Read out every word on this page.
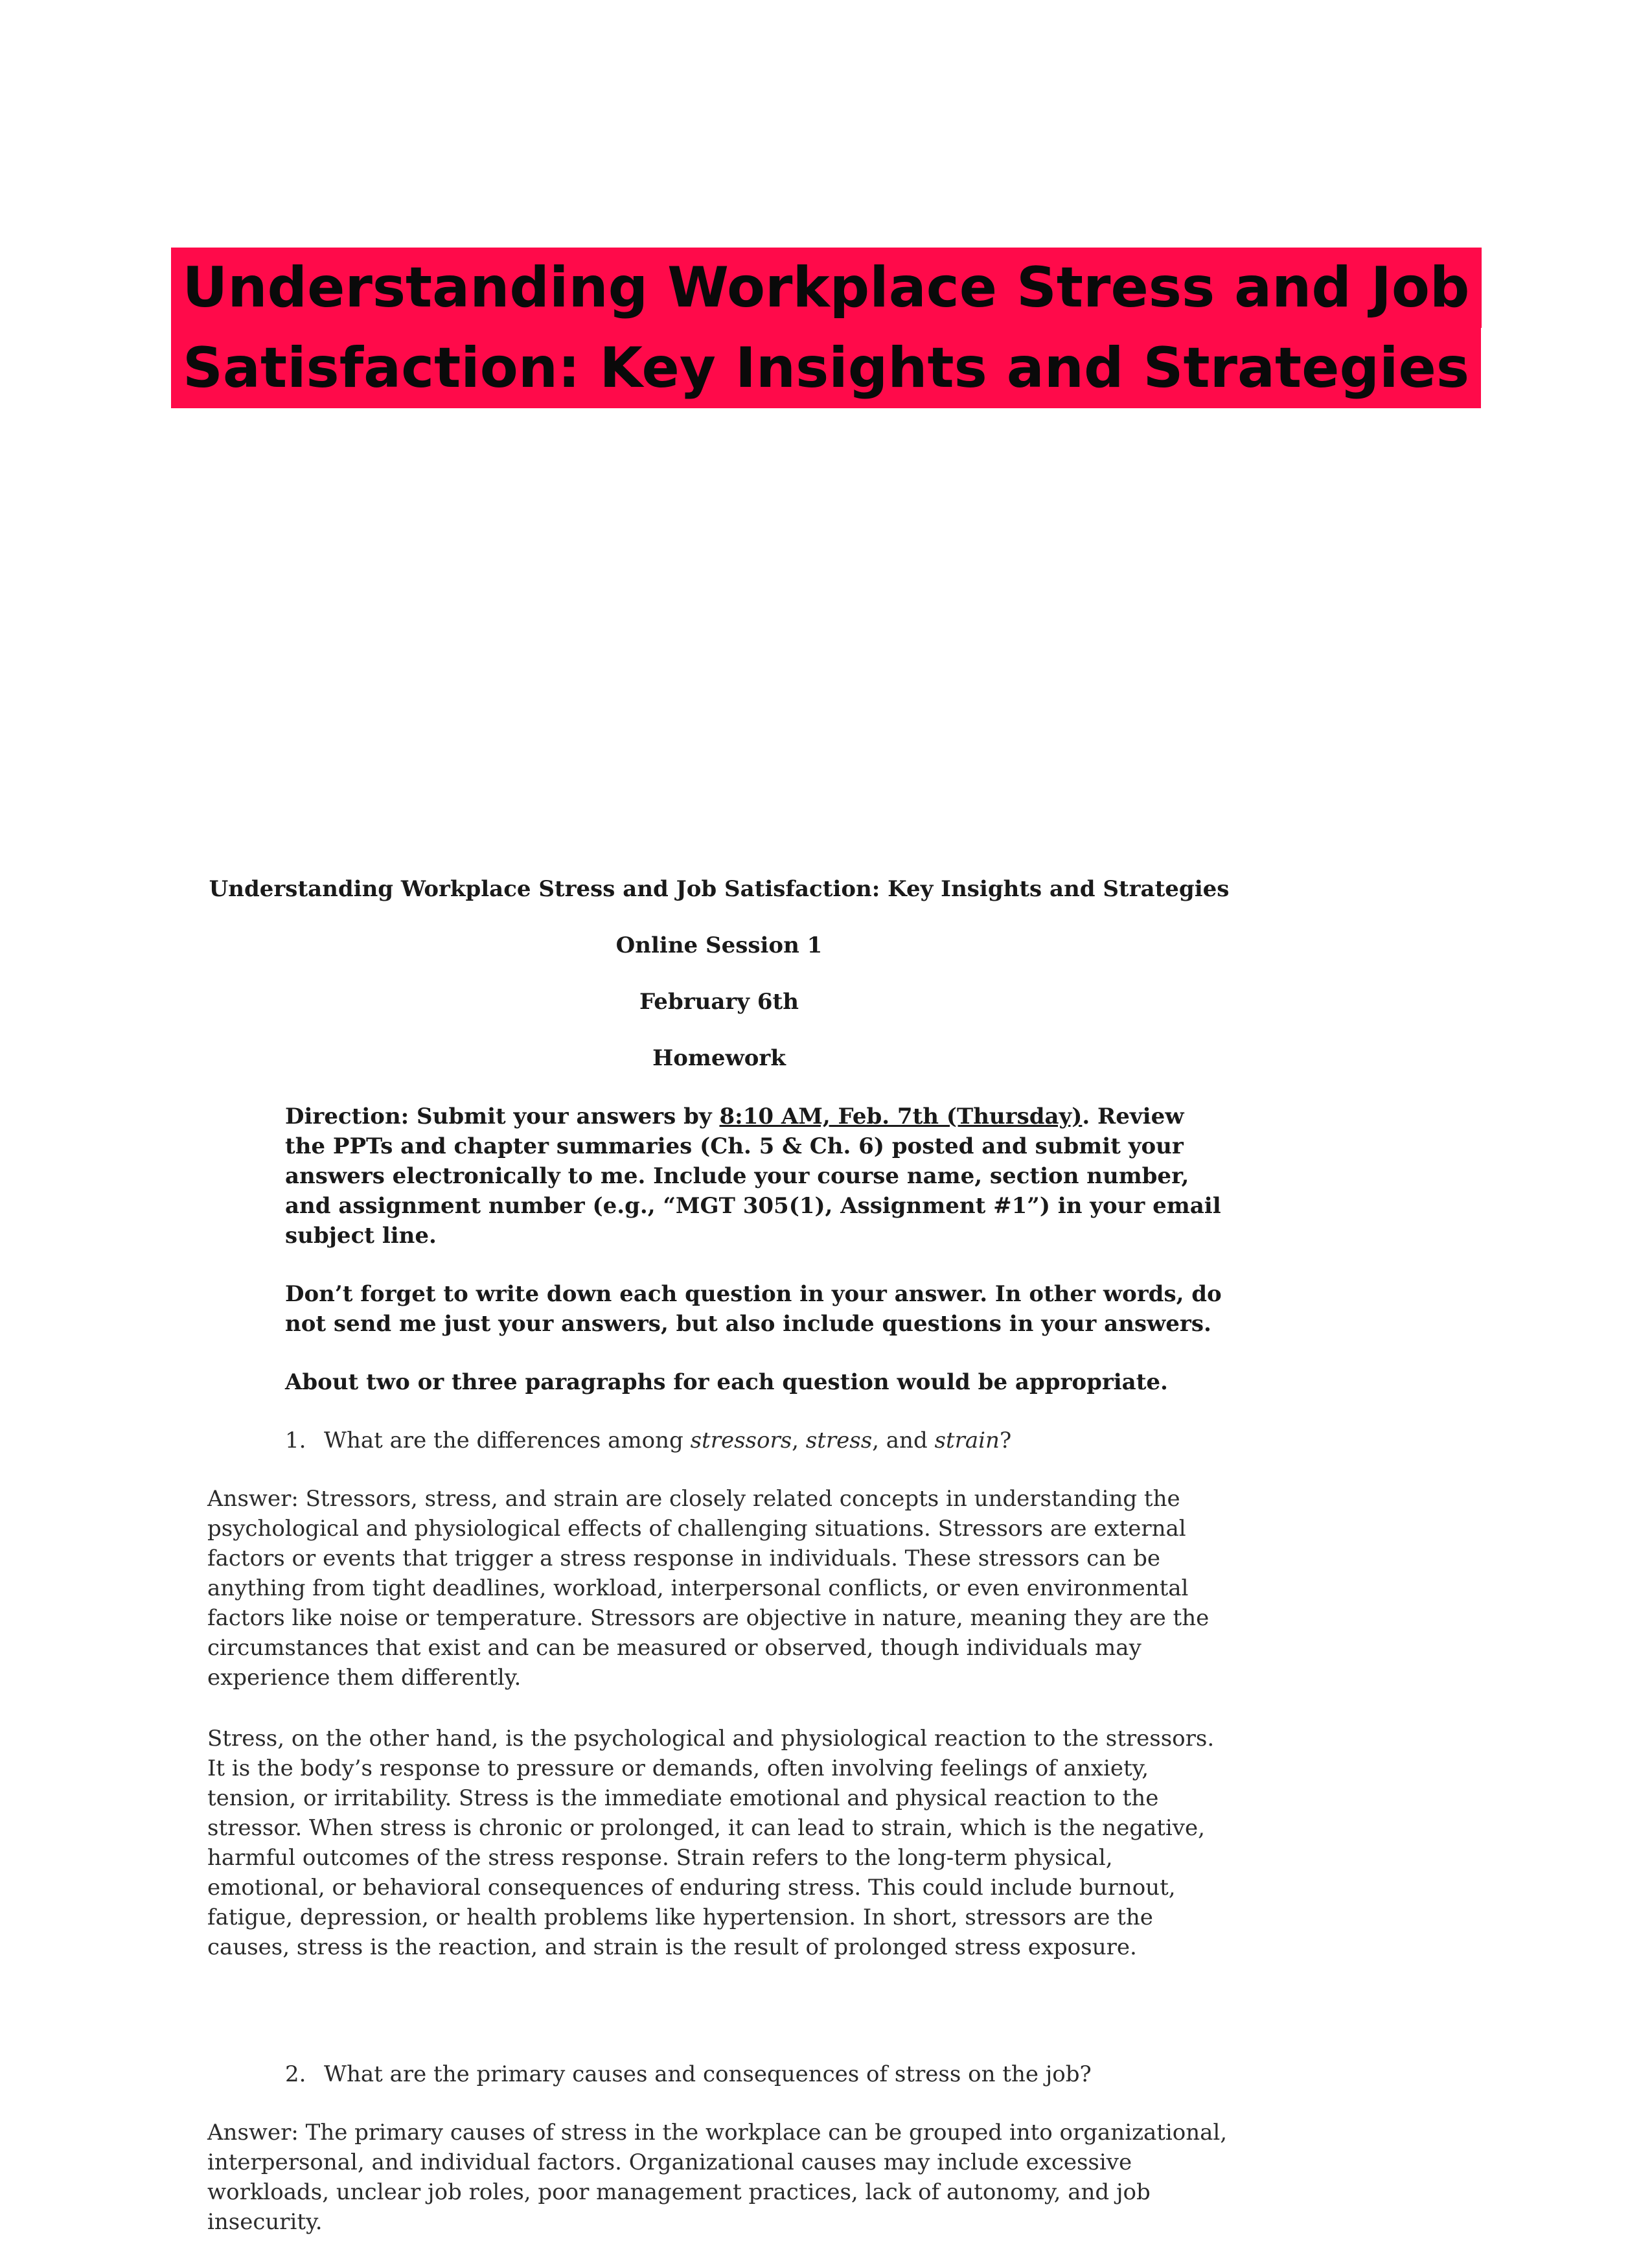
Understanding Workplace Stress and Job
Satisfaction: Key Insights and Strategies
Understanding Workplace Stress and Job Satisfaction: Key Insights and Strategies
Online Session 1
February 6th
Homework
Direction: Submit your answers by 8:10 AM, Feb. 7th (Thursday). Review the PPTs and chapter summaries (Ch. 5 & Ch. 6) posted and submit your answers electronically to me. Include your course name, section number, and assignment number (e.g., “MGT 305(1), Assignment #1”) in your email subject line.
Don’t forget to write down each question in your answer. In other words, do not send me just your answers, but also include questions in your answers.
About two or three paragraphs for each question would be appropriate.
1. What are the differences among stressors, stress, and strain?
Answer: Stressors, stress, and strain are closely related concepts in understanding the psychological and physiological effects of challenging situations. Stressors are external factors or events that trigger a stress response in individuals. These stressors can be anything from tight deadlines, workload, interpersonal conflicts, or even environmental factors like noise or temperature. Stressors are objective in nature, meaning they are the circumstances that exist and can be measured or observed, though individuals may experience them differently.
Stress, on the other hand, is the psychological and physiological reaction to the stressors. It is the body’s response to pressure or demands, often involving feelings of anxiety, tension, or irritability. Stress is the immediate emotional and physical reaction to the stressor. When stress is chronic or prolonged, it can lead to strain, which is the negative, harmful outcomes of the stress response. Strain refers to the long-term physical, emotional, or behavioral consequences of enduring stress. This could include burnout, fatigue, depression, or health problems like hypertension. In short, stressors are the causes, stress is the reaction, and strain is the result of prolonged stress exposure.
2. What are the primary causes and consequences of stress on the job?
Answer: The primary causes of stress in the workplace can be grouped into organizational, interpersonal, and individual factors. Organizational causes may include excessive workloads, unclear job roles, poor management practices, lack of autonomy, and job insecurity.
